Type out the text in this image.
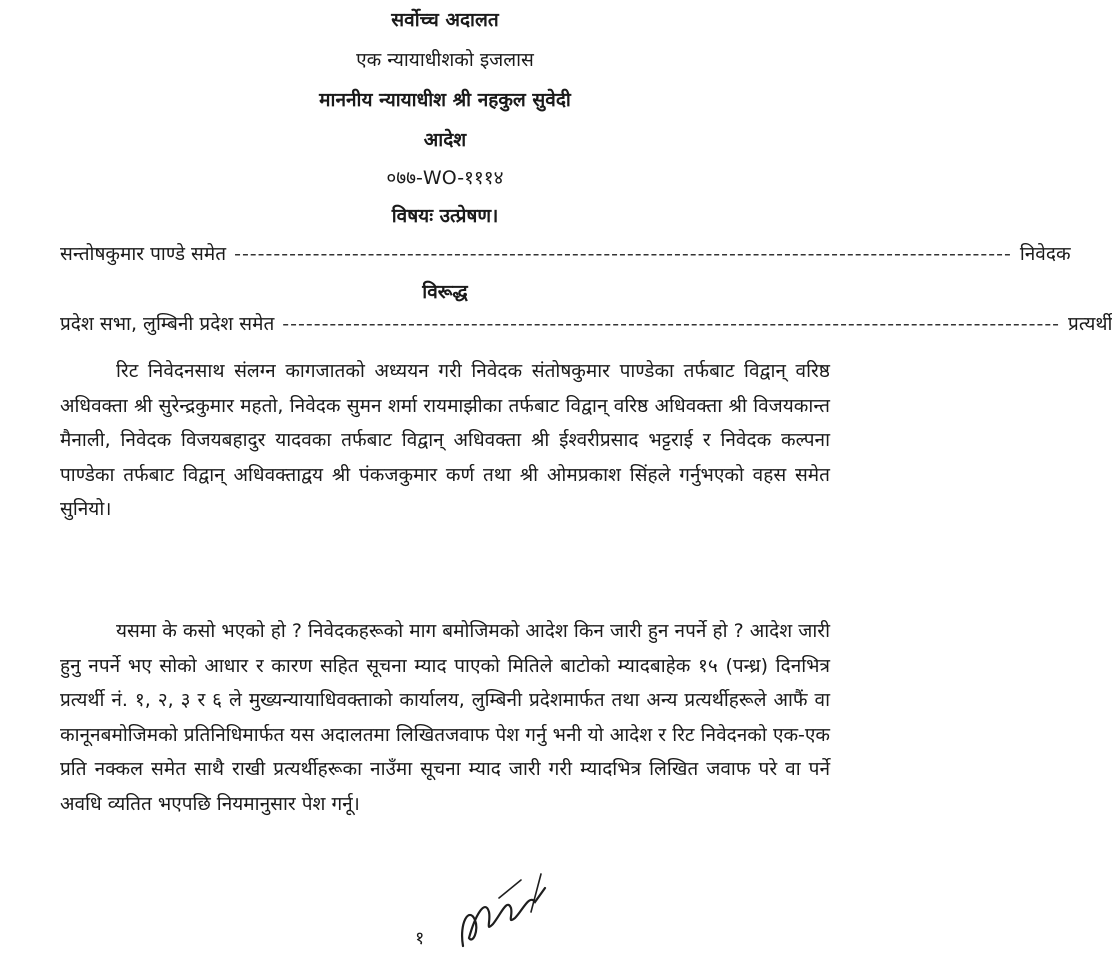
सर्वोच्च अदालत
एक न्यायाधीशको इजलास
माननीय न्यायाधीश श्री नहकुल सुवेदी
आदेश
०७७-WO-१११४
विषयः उत्प्रेषण।
सन्तोषकुमार पाण्डे समेत --------------------------------------------------------------------------------------------------- निवेदक
विरूद्ध
प्रदेश सभा, लुम्बिनी प्रदेश समेत --------------------------------------------------------------------------------------------------- प्रत्यर्थी

रिट निवेदनसाथ संलग्न कागजातको अध्ययन गरी निवेदक संतोषकुमार पाण्डेका तर्फबाट विद्वान् वरिष्ठ अधिवक्ता श्री सुरेन्द्रकुमार महतो, निवेदक सुमन शर्मा रायमाझीका तर्फबाट विद्वान् वरिष्ठ अधिवक्ता श्री विजयकान्त मैनाली, निवेदक विजयबहादुर यादवका तर्फबाट विद्वान् अधिवक्ता श्री ईश्वरीप्रसाद भट्टराई र निवेदक कल्पना पाण्डेका तर्फबाट विद्वान् अधिवक्ताद्वय श्री पंकजकुमार कर्ण तथा श्री ओमप्रकाश सिंहले गर्नुभएको वहस समेत सुनियो।

यसमा के कसो भएको हो ? निवेदकहरूको माग बमोजिमको आदेश किन जारी हुन नपर्ने हो ? आदेश जारी हुनु नपर्ने भए सोको आधार र कारण सहित सूचना म्याद पाएको मितिले बाटोको म्यादबाहेक १५ (पन्ध्र) दिनभित्र प्रत्यर्थी नं. १, २, ३ र ६ ले मुख्यन्यायाधिवक्ताको कार्यालय, लुम्बिनी प्रदेशमार्फत तथा अन्य प्रत्यर्थीहरूले आफैं वा कानूनबमोजिमको प्रतिनिधिमार्फत यस अदालतमा लिखितजवाफ पेश गर्नु भनी यो आदेश र रिट निवेदनको एक-एक प्रति नक्कल समेत साथै राखी प्रत्यर्थीहरूका नाउँमा सूचना म्याद जारी गरी म्यादभित्र लिखित जवाफ परे वा पर्ने अवधि व्यतित भएपछि नियमानुसार पेश गर्नू।

१
